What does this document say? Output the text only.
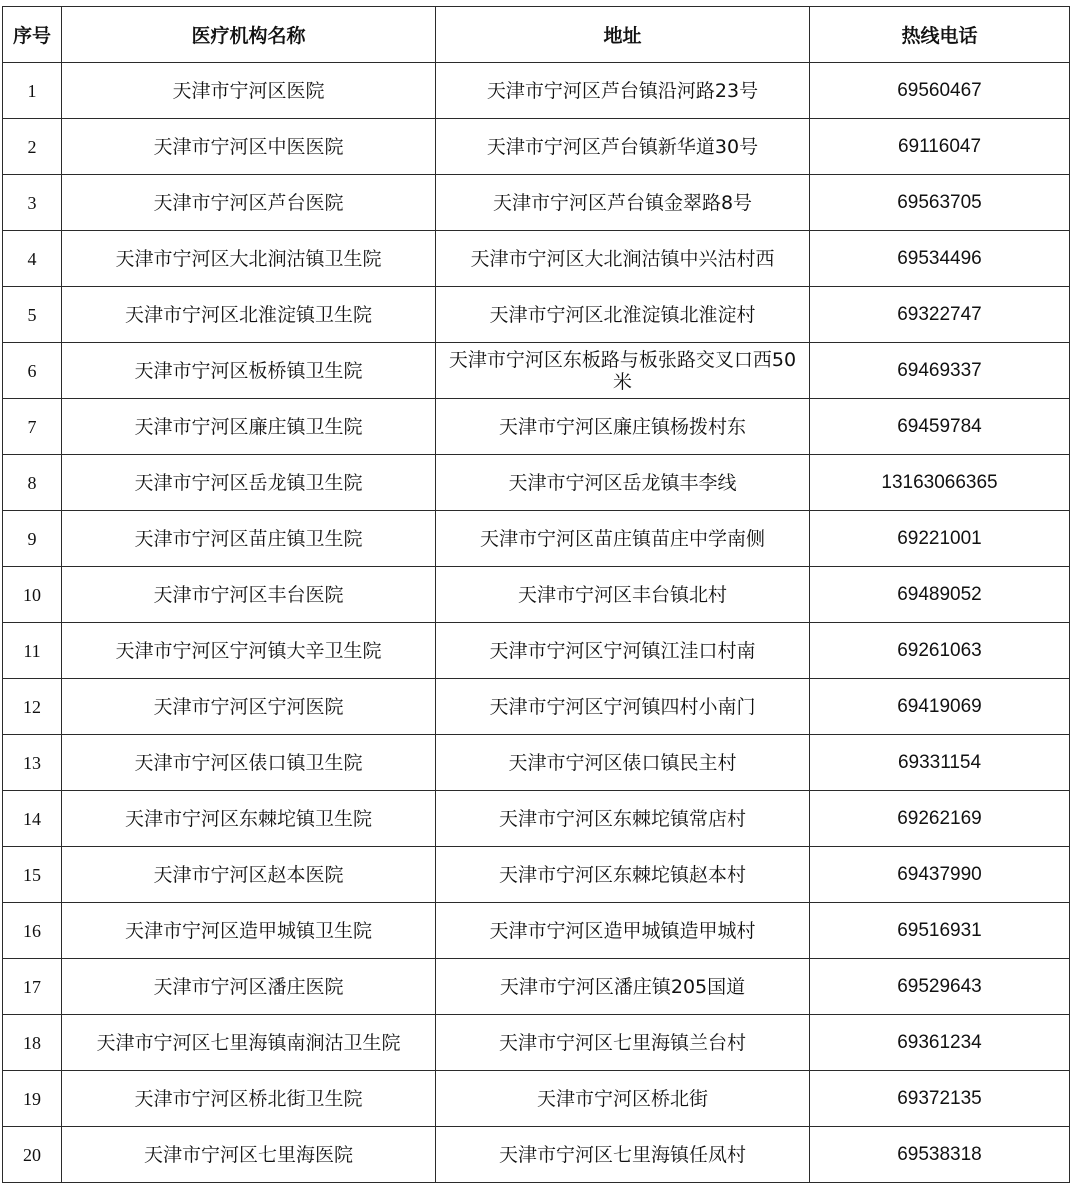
序号	医疗机构名称	地址	热线电话
1	天津市宁河区医院	天津市宁河区芦台镇沿河路23号	69560467
2	天津市宁河区中医医院	天津市宁河区芦台镇新华道30号	69116047
3	天津市宁河区芦台医院	天津市宁河区芦台镇金翠路8号	69563705
4	天津市宁河区大北涧沽镇卫生院	天津市宁河区大北涧沽镇中兴沽村西	69534496
5	天津市宁河区北淮淀镇卫生院	天津市宁河区北淮淀镇北淮淀村	69322747
6	天津市宁河区板桥镇卫生院	天津市宁河区东板路与板张路交叉口西50米	69469337
7	天津市宁河区廉庄镇卫生院	天津市宁河区廉庄镇杨拨村东	69459784
8	天津市宁河区岳龙镇卫生院	天津市宁河区岳龙镇丰李线	13163066365
9	天津市宁河区苗庄镇卫生院	天津市宁河区苗庄镇苗庄中学南侧	69221001
10	天津市宁河区丰台医院	天津市宁河区丰台镇北村	69489052
11	天津市宁河区宁河镇大辛卫生院	天津市宁河区宁河镇江洼口村南	69261063
12	天津市宁河区宁河医院	天津市宁河区宁河镇四村小南门	69419069
13	天津市宁河区俵口镇卫生院	天津市宁河区俵口镇民主村	69331154
14	天津市宁河区东棘坨镇卫生院	天津市宁河区东棘坨镇常店村	69262169
15	天津市宁河区赵本医院	天津市宁河区东棘坨镇赵本村	69437990
16	天津市宁河区造甲城镇卫生院	天津市宁河区造甲城镇造甲城村	69516931
17	天津市宁河区潘庄医院	天津市宁河区潘庄镇205国道	69529643
18	天津市宁河区七里海镇南涧沽卫生院	天津市宁河区七里海镇兰台村	69361234
19	天津市宁河区桥北街卫生院	天津市宁河区桥北街	69372135
20	天津市宁河区七里海医院	天津市宁河区七里海镇任凤村	69538318
